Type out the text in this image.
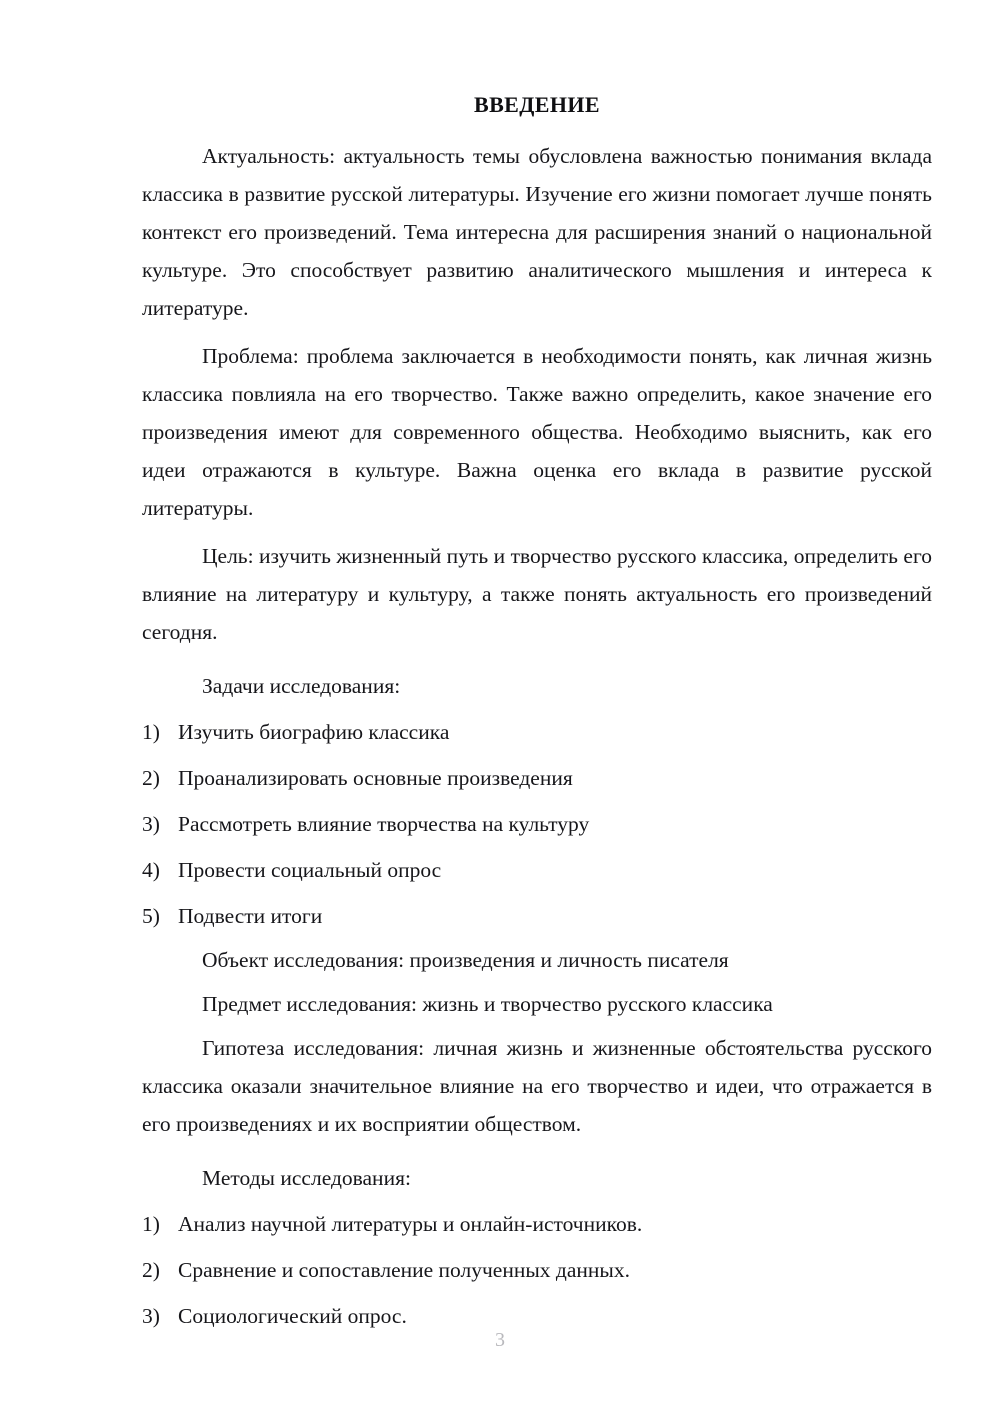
ВВЕДЕНИЕ

Актуальность: актуальность темы обусловлена важностью понимания вклада классика в развитие русской литературы. Изучение его жизни помогает лучше понять контекст его произведений. Тема интересна для расширения знаний о национальной культуре. Это способствует развитию аналитического мышления и интереса к литературе.

Проблема: проблема заключается в необходимости понять, как личная жизнь классика повлияла на его творчество. Также важно определить, какое значение его произведения имеют для современного общества. Необходимо выяснить, как его идеи отражаются в культуре. Важна оценка его вклада в развитие русской литературы.

Цель: изучить жизненный путь и творчество русского классика, определить его влияние на литературу и культуру, а также понять актуальность его произведений сегодня.

Задачи исследования:

1) Изучить биографию классика
2) Проанализировать основные произведения
3) Рассмотреть влияние творчества на культуру
4) Провести социальный опрос
5) Подвести итоги

Объект исследования: произведения и личность писателя

Предмет исследования: жизнь и творчество русского классика

Гипотеза исследования: личная жизнь и жизненные обстоятельства русского классика оказали значительное влияние на его творчество и идеи, что отражается в его произведениях и их восприятии обществом.

Методы исследования:

1) Анализ научной литературы и онлайн-источников.
2) Сравнение и сопоставление полученных данных.
3) Социологический опрос.
3
